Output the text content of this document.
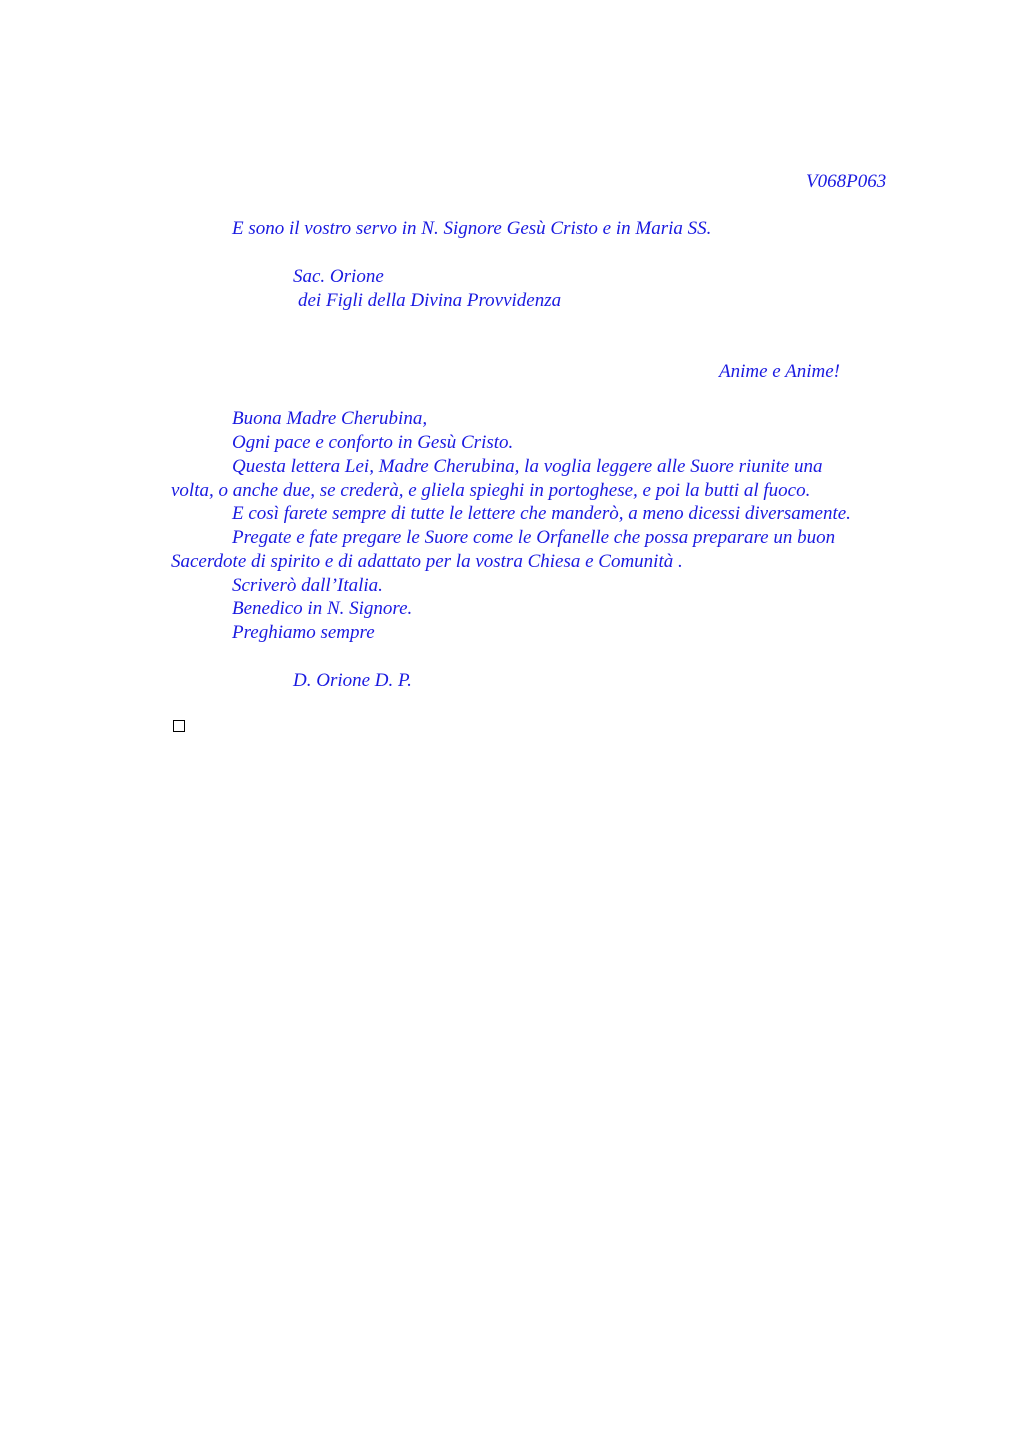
V068P063
E sono il vostro servo in N. Signore Gesù Cristo e in Maria SS.
Sac. Orione
dei Figli della Divina Provvidenza
Anime e Anime!
Buona Madre Cherubina,
Ogni pace e conforto in Gesù Cristo.
Questa lettera Lei, Madre Cherubina, la voglia leggere alle Suore riunite una
volta, o anche due, se crederà, e gliela spieghi in portoghese, e poi la butti al fuoco.
E così farete sempre di tutte le lettere che manderò, a meno dicessi diversamente.
Pregate e fate pregare le Suore come le Orfanelle che possa preparare un buon
Sacerdote di spirito e di adattato per la vostra Chiesa e Comunità .
Scriverò dall’Italia.
Benedico in N. Signore.
Preghiamo sempre
D. Orione D. P.
